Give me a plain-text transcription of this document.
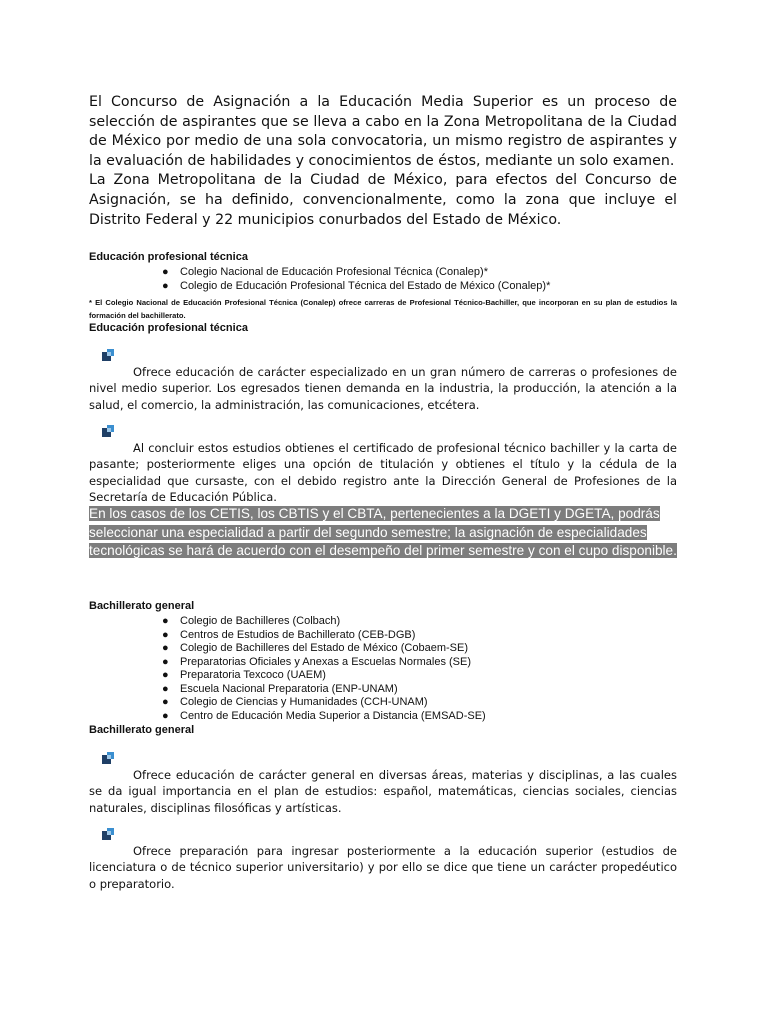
El Concurso de Asignación a la Educación Media Superior es un proceso de selección de aspirantes que se lleva a cabo en la Zona Metropolitana de la Ciudad de México por medio de una sola convocatoria, un mismo registro de aspirantes y la evaluación de habilidades y conocimientos de éstos, mediante un solo examen.

La Zona Metropolitana de la Ciudad de México, para efectos del Concurso de Asignación, se ha definido, convencionalmente, como la zona que incluye el Distrito Federal y 22 municipios conurbados del Estado de México.

Educación profesional técnica

● Colegio Nacional de Educación Profesional Técnica (Conalep)*
● Colegio de Educación Profesional Técnica del Estado de México (Conalep)*

* El Colegio Nacional de Educación Profesional Técnica (Conalep) ofrece carreras de Profesional Técnico-Bachiller, que incorporan en su plan de estudios la formación del bachillerato.

Educación profesional técnica

Ofrece educación de carácter especializado en un gran número de carreras o profesiones de nivel medio superior. Los egresados tienen demanda en la industria, la producción, la atención a la salud, el comercio, la administración, las comunicaciones, etcétera.

Al concluir estos estudios obtienes el certificado de profesional técnico bachiller y la carta de pasante; posteriormente eliges una opción de titulación y obtienes el título y la cédula de la especialidad que cursaste, con el debido registro ante la Dirección General de Profesiones de la Secretaría de Educación Pública.

En los casos de los CETIS, los CBTIS y el CBTA, pertenecientes a la DGETI y DGETA, podrás seleccionar una especialidad a partir del segundo semestre; la asignación de especialidades tecnológicas se hará de acuerdo con el desempeño del primer semestre y con el cupo disponible.

Bachillerato general

● Colegio de Bachilleres (Colbach)
● Centros de Estudios de Bachillerato (CEB-DGB)
● Colegio de Bachilleres del Estado de México (Cobaem-SE)
● Preparatorias Oficiales y Anexas a Escuelas Normales (SE)
● Preparatoria Texcoco (UAEM)
● Escuela Nacional Preparatoria (ENP-UNAM)
● Colegio de Ciencias y Humanidades (CCH-UNAM)
● Centro de Educación Media Superior a Distancia (EMSAD-SE)

Bachillerato general

Ofrece educación de carácter general en diversas áreas, materias y disciplinas, a las cuales se da igual importancia en el plan de estudios: español, matemáticas, ciencias sociales, ciencias naturales, disciplinas filosóficas y artísticas.

Ofrece preparación para ingresar posteriormente a la educación superior (estudios de licenciatura o de técnico superior universitario) y por ello se dice que tiene un carácter propedéutico o preparatorio.
